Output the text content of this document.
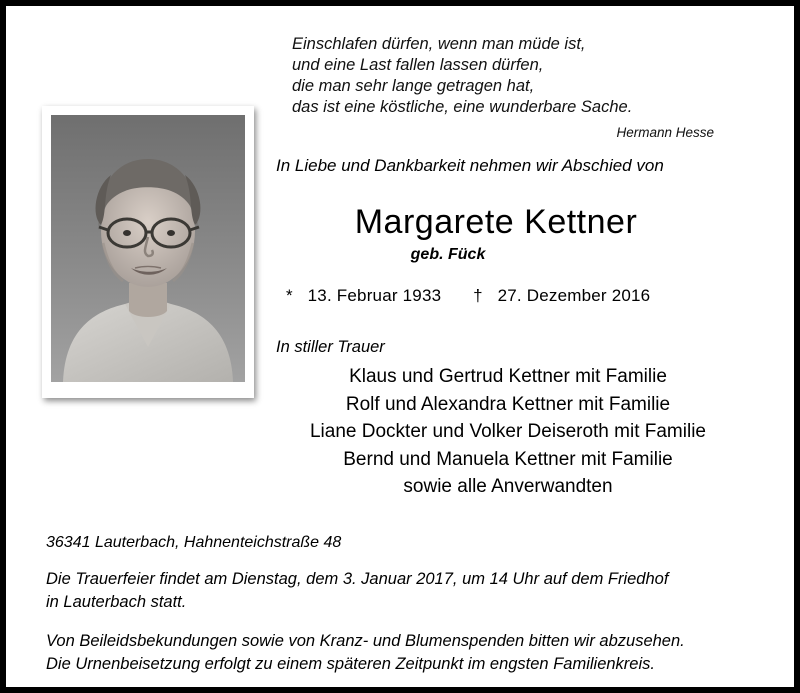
Einschlafen dürfen, wenn man müde ist,
und eine Last fallen lassen dürfen,
die man sehr lange getragen hat,
das ist eine köstliche, eine wunderbare Sache.
Hermann Hesse
In Liebe und Dankbarkeit nehmen wir Abschied von
Margarete Kettner

geb. Fück
* 13. Februar 1933 † 27. Dezember 2016
In stiller Trauer
Klaus und Gertrud Kettner mit Familie
Rolf und Alexandra Kettner mit Familie
Liane Dockter und Volker Deiseroth mit Familie
Bernd und Manuela Kettner mit Familie
sowie alle Anverwandten
36341 Lauterbach, Hahnenteichstraße 48
Die Trauerfeier findet am Dienstag, dem 3. Januar 2017, um 14 Uhr auf dem Friedhof
in Lauterbach statt.
Von Beileidsbekundungen sowie von Kranz- und Blumenspenden bitten wir abzusehen.
Die Urnenbeisetzung erfolgt zu einem späteren Zeitpunkt im engsten Familienkreis.
